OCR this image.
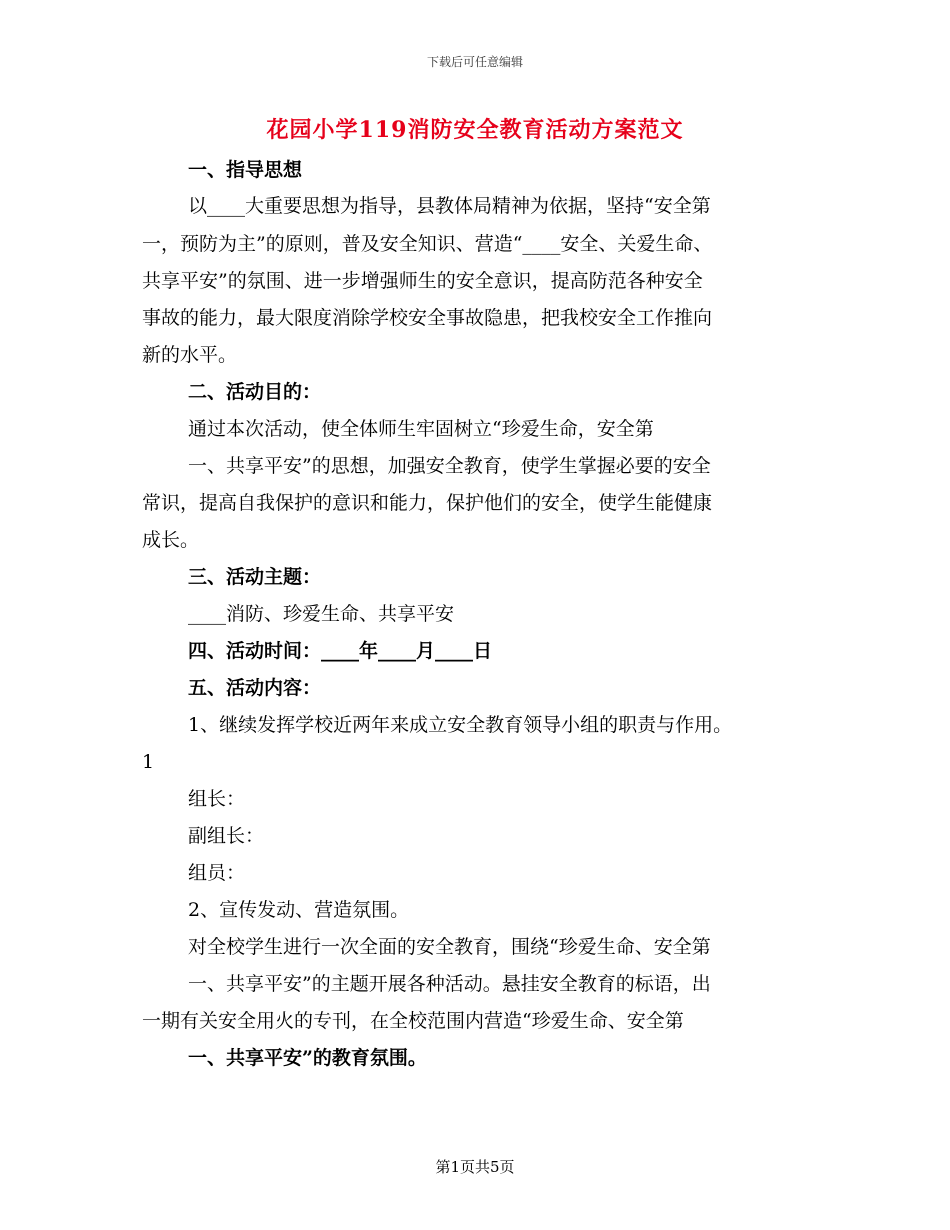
下载后可任意编辑
花园小学119消防安全教育活动方案范文
一、指导思想
以____大重要思想为指导，县教体局精神为依据，坚持“安全第
一，预防为主”的原则，普及安全知识、营造“____安全、关爱生命、
共享平安”的氛围、进一步增强师生的安全意识，提高防范各种安全
事故的能力，最大限度消除学校安全事故隐患，把我校安全工作推向
新的水平。
二、活动目的：
通过本次活动，使全体师生牢固树立“珍爱生命，安全第
一、共享平安”的思想，加强安全教育，使学生掌握必要的安全
常识，提高自我保护的意识和能力，保护他们的安全，使学生能健康
成长。
三、活动主题：
____消防、珍爱生命、共享平安
四、活动时间：____年____月____日
五、活动内容：
1、继续发挥学校近两年来成立安全教育领导小组的职责与作用。
1
组长：
副组长：
组员：
2、宣传发动、营造氛围。
对全校学生进行一次全面的安全教育，围绕“珍爱生命、安全第
一、共享平安”的主题开展各种活动。悬挂安全教育的标语，出
一期有关安全用火的专刊，在全校范围内营造“珍爱生命、安全第
一、共享平安”的教育氛围。
第1页共5页
